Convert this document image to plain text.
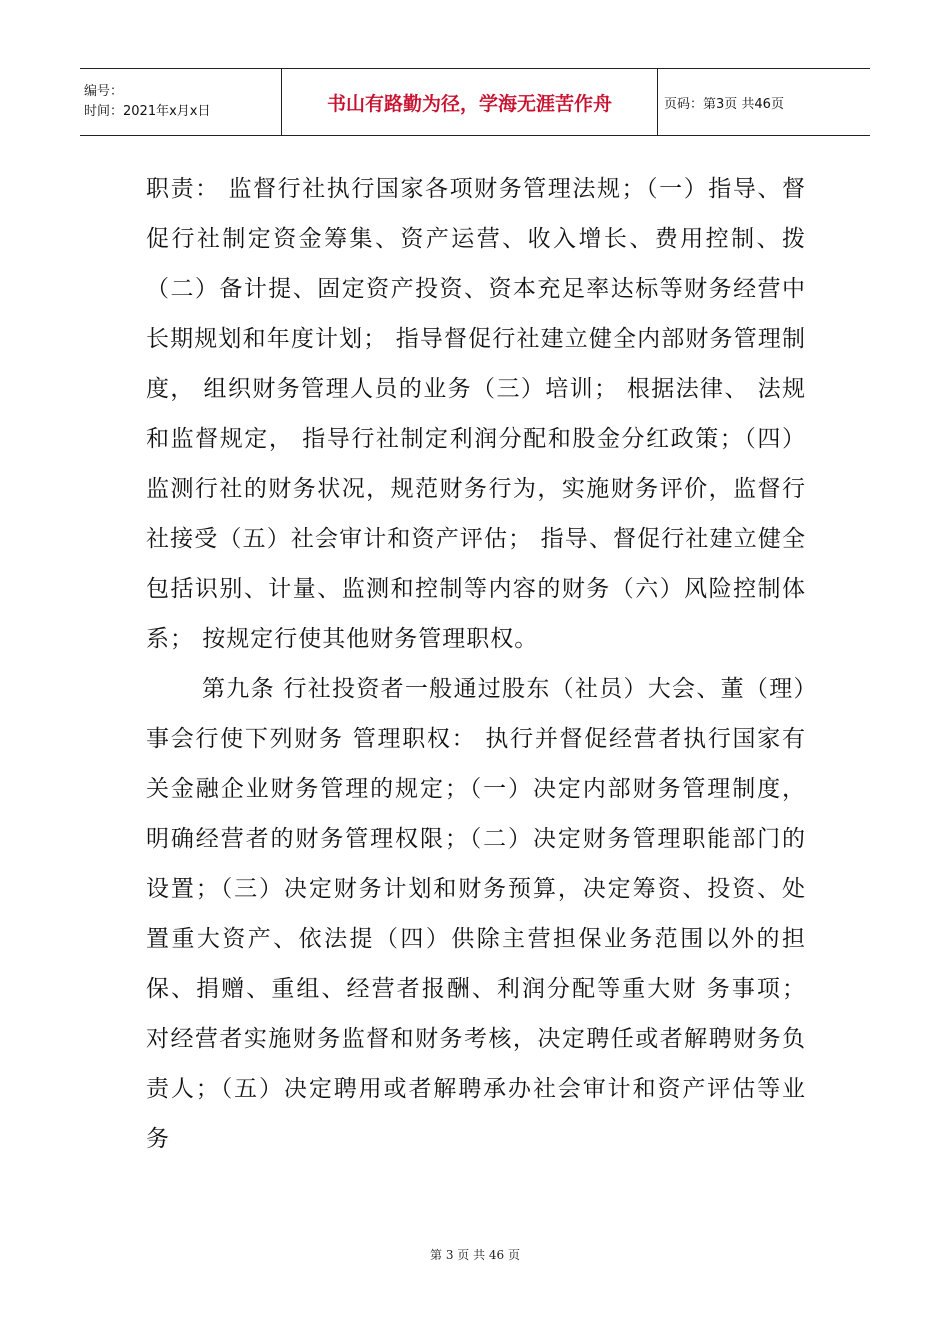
编号：
时间：2021年x月x日	书山有路勤为径，学海无涯苦作舟	页码：第3页 共46页

职责： 监督行社执行国家各项财务管理法规；（一）指导、督促行社制定资金筹集、资产运营、收入增长、费用控制、拨（二）备计提、固定资产投资、资本充足率达标等财务经营中长期规划和年度计划； 指导督促行社建立健全内部财务管理制度， 组织财务管理人员的业务（三）培训； 根据法律、 法规和监督规定， 指导行社制定利润分配和股金分红政策；（四）监测行社的财务状况，规范财务行为，实施财务评价，监督行社接受（五）社会审计和资产评估； 指导、督促行社建立健全包括识别、计量、监测和控制等内容的财务（六）风险控制体系； 按规定行使其他财务管理职权。

第九条 行社投资者一般通过股东（社员）大会、董（理）事会行使下列财务 管理职权： 执行并督促经营者执行国家有关金融企业财务管理的规定；（一）决定内部财务管理制度，明确经营者的财务管理权限；（二）决定财务管理职能部门的设置；（三）决定财务计划和财务预算，决定筹资、投资、处置重大资产、依法提（四）供除主营担保业务范围以外的担保、捐赠、重组、经营者报酬、利润分配等重大财 务事项； 对经营者实施财务监督和财务考核，决定聘任或者解聘财务负责人；（五）决定聘用或者解聘承办社会审计和资产评估等业务

第 3 页 共 46 页
